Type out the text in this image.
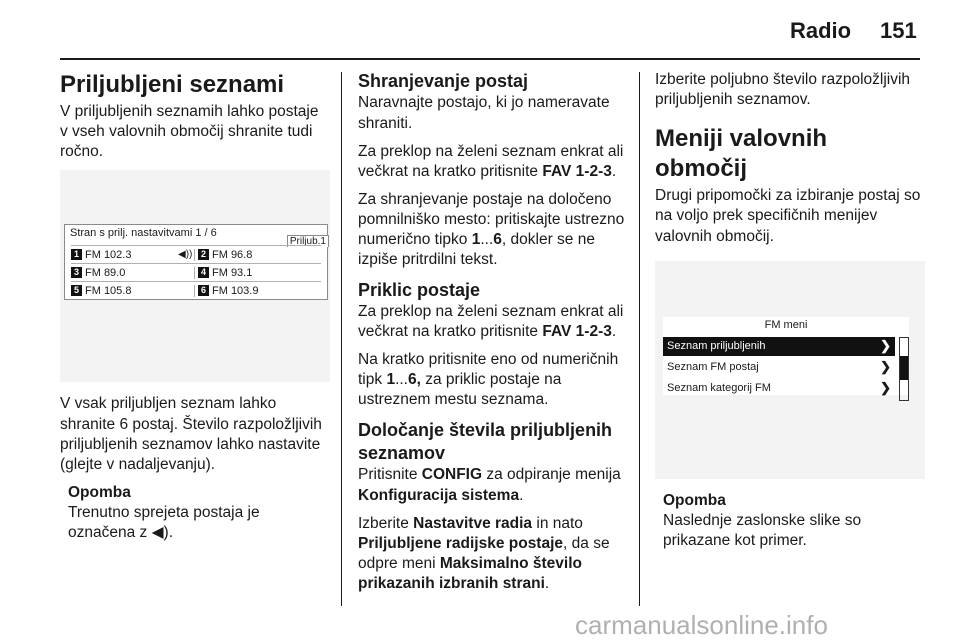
Radio 151
Priljubljeni seznami

V priljubljenih seznamih lahko postaje v vseh valovnih območij shranite tudi ročno.

Stran s prilj. nastavitvami 1 / 6
Priljub.1
1 FM 102.3	◀)) 2 FM 96.8
3 FM 89.0	4 FM 93.1
5 FM 105.8	6 FM 103.9

V vsak priljubljen seznam lahko shranite 6 postaj. Število razpoložljivih priljubljenih seznamov lahko nastavite (glejte v nadaljevanju).

Opomba
Trenutno sprejeta postaja je označena z ◀).

Shranjevanje postaj

Naravnajte postajo, ki jo nameravate shraniti.

Za preklop na želeni seznam enkrat ali večkrat na kratko pritisnite FAV 1-2-3.

Za shranjevanje postaje na določeno pomnilniško mesto: pritiskajte ustrezno numerično tipko 1...6, dokler se ne izpiše pritrdilni tekst.

Priklic postaje

Za preklop na želeni seznam enkrat ali večkrat na kratko pritisnite FAV 1-2-3.

Na kratko pritisnite eno od numeričnih tipk 1...6, za priklic postaje na ustreznem mestu seznama.

Določanje števila priljubljenih seznamov

Pritisnite CONFIG za odpiranje menija Konfiguracija sistema.

Izberite Nastavitve radia in nato Priljubljene radijske postaje, da se odpre meni Maksimalno število prikazanih izbranih strani.

Izberite poljubno število razpoložljivih priljubljenih seznamov.

Meniji valovnih območij

Drugi pripomočki za izbiranje postaj so na voljo prek specifičnih menijev valovnih območij.

FM meni
Seznam priljubljenih	❯
Seznam FM postaj	❯
Seznam kategorij FM	❯

Opomba
Naslednje zaslonske slike so prikazane kot primer.

carmanualsonline.info
